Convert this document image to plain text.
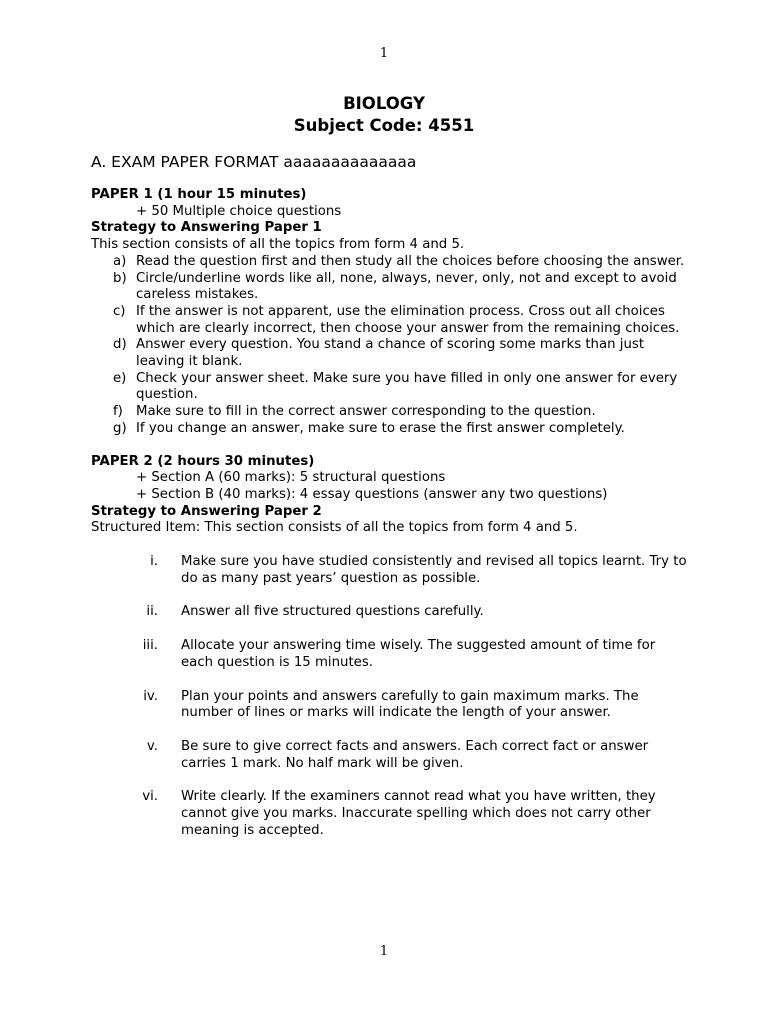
1
BIOLOGY
Subject Code: 4551
A. EXAM PAPER FORMAT aaaaaaaaaaaaaa
PAPER 1 (1 hour 15 minutes)
+ 50 Multiple choice questions
Strategy to Answering Paper 1
This section consists of all the topics from form 4 and 5.
a) Read the question first and then study all the choices before choosing the answer.
b) Circle/underline words like all, none, always, never, only, not and except to avoid careless mistakes.
c) If the answer is not apparent, use the elimination process. Cross out all choices which are clearly incorrect, then choose your answer from the remaining choices.
d) Answer every question. You stand a chance of scoring some marks than just leaving it blank.
e) Check your answer sheet. Make sure you have filled in only one answer for every question.
f) Make sure to fill in the correct answer corresponding to the question.
g) If you change an answer, make sure to erase the first answer completely.
PAPER 2 (2 hours 30 minutes)
+ Section A (60 marks): 5 structural questions
+ Section B (40 marks): 4 essay questions (answer any two questions)
Strategy to Answering Paper 2
Structured Item: This section consists of all the topics from form 4 and 5.
i. Make sure you have studied consistently and revised all topics learnt. Try to do as many past years’ question as possible.
ii. Answer all five structured questions carefully.
iii. Allocate your answering time wisely. The suggested amount of time for each question is 15 minutes.
iv. Plan your points and answers carefully to gain maximum marks. The number of lines or marks will indicate the length of your answer.
v. Be sure to give correct facts and answers. Each correct fact or answer carries 1 mark. No half mark will be given.
vi. Write clearly. If the examiners cannot read what you have written, they cannot give you marks. Inaccurate spelling which does not carry other meaning is accepted.
1
